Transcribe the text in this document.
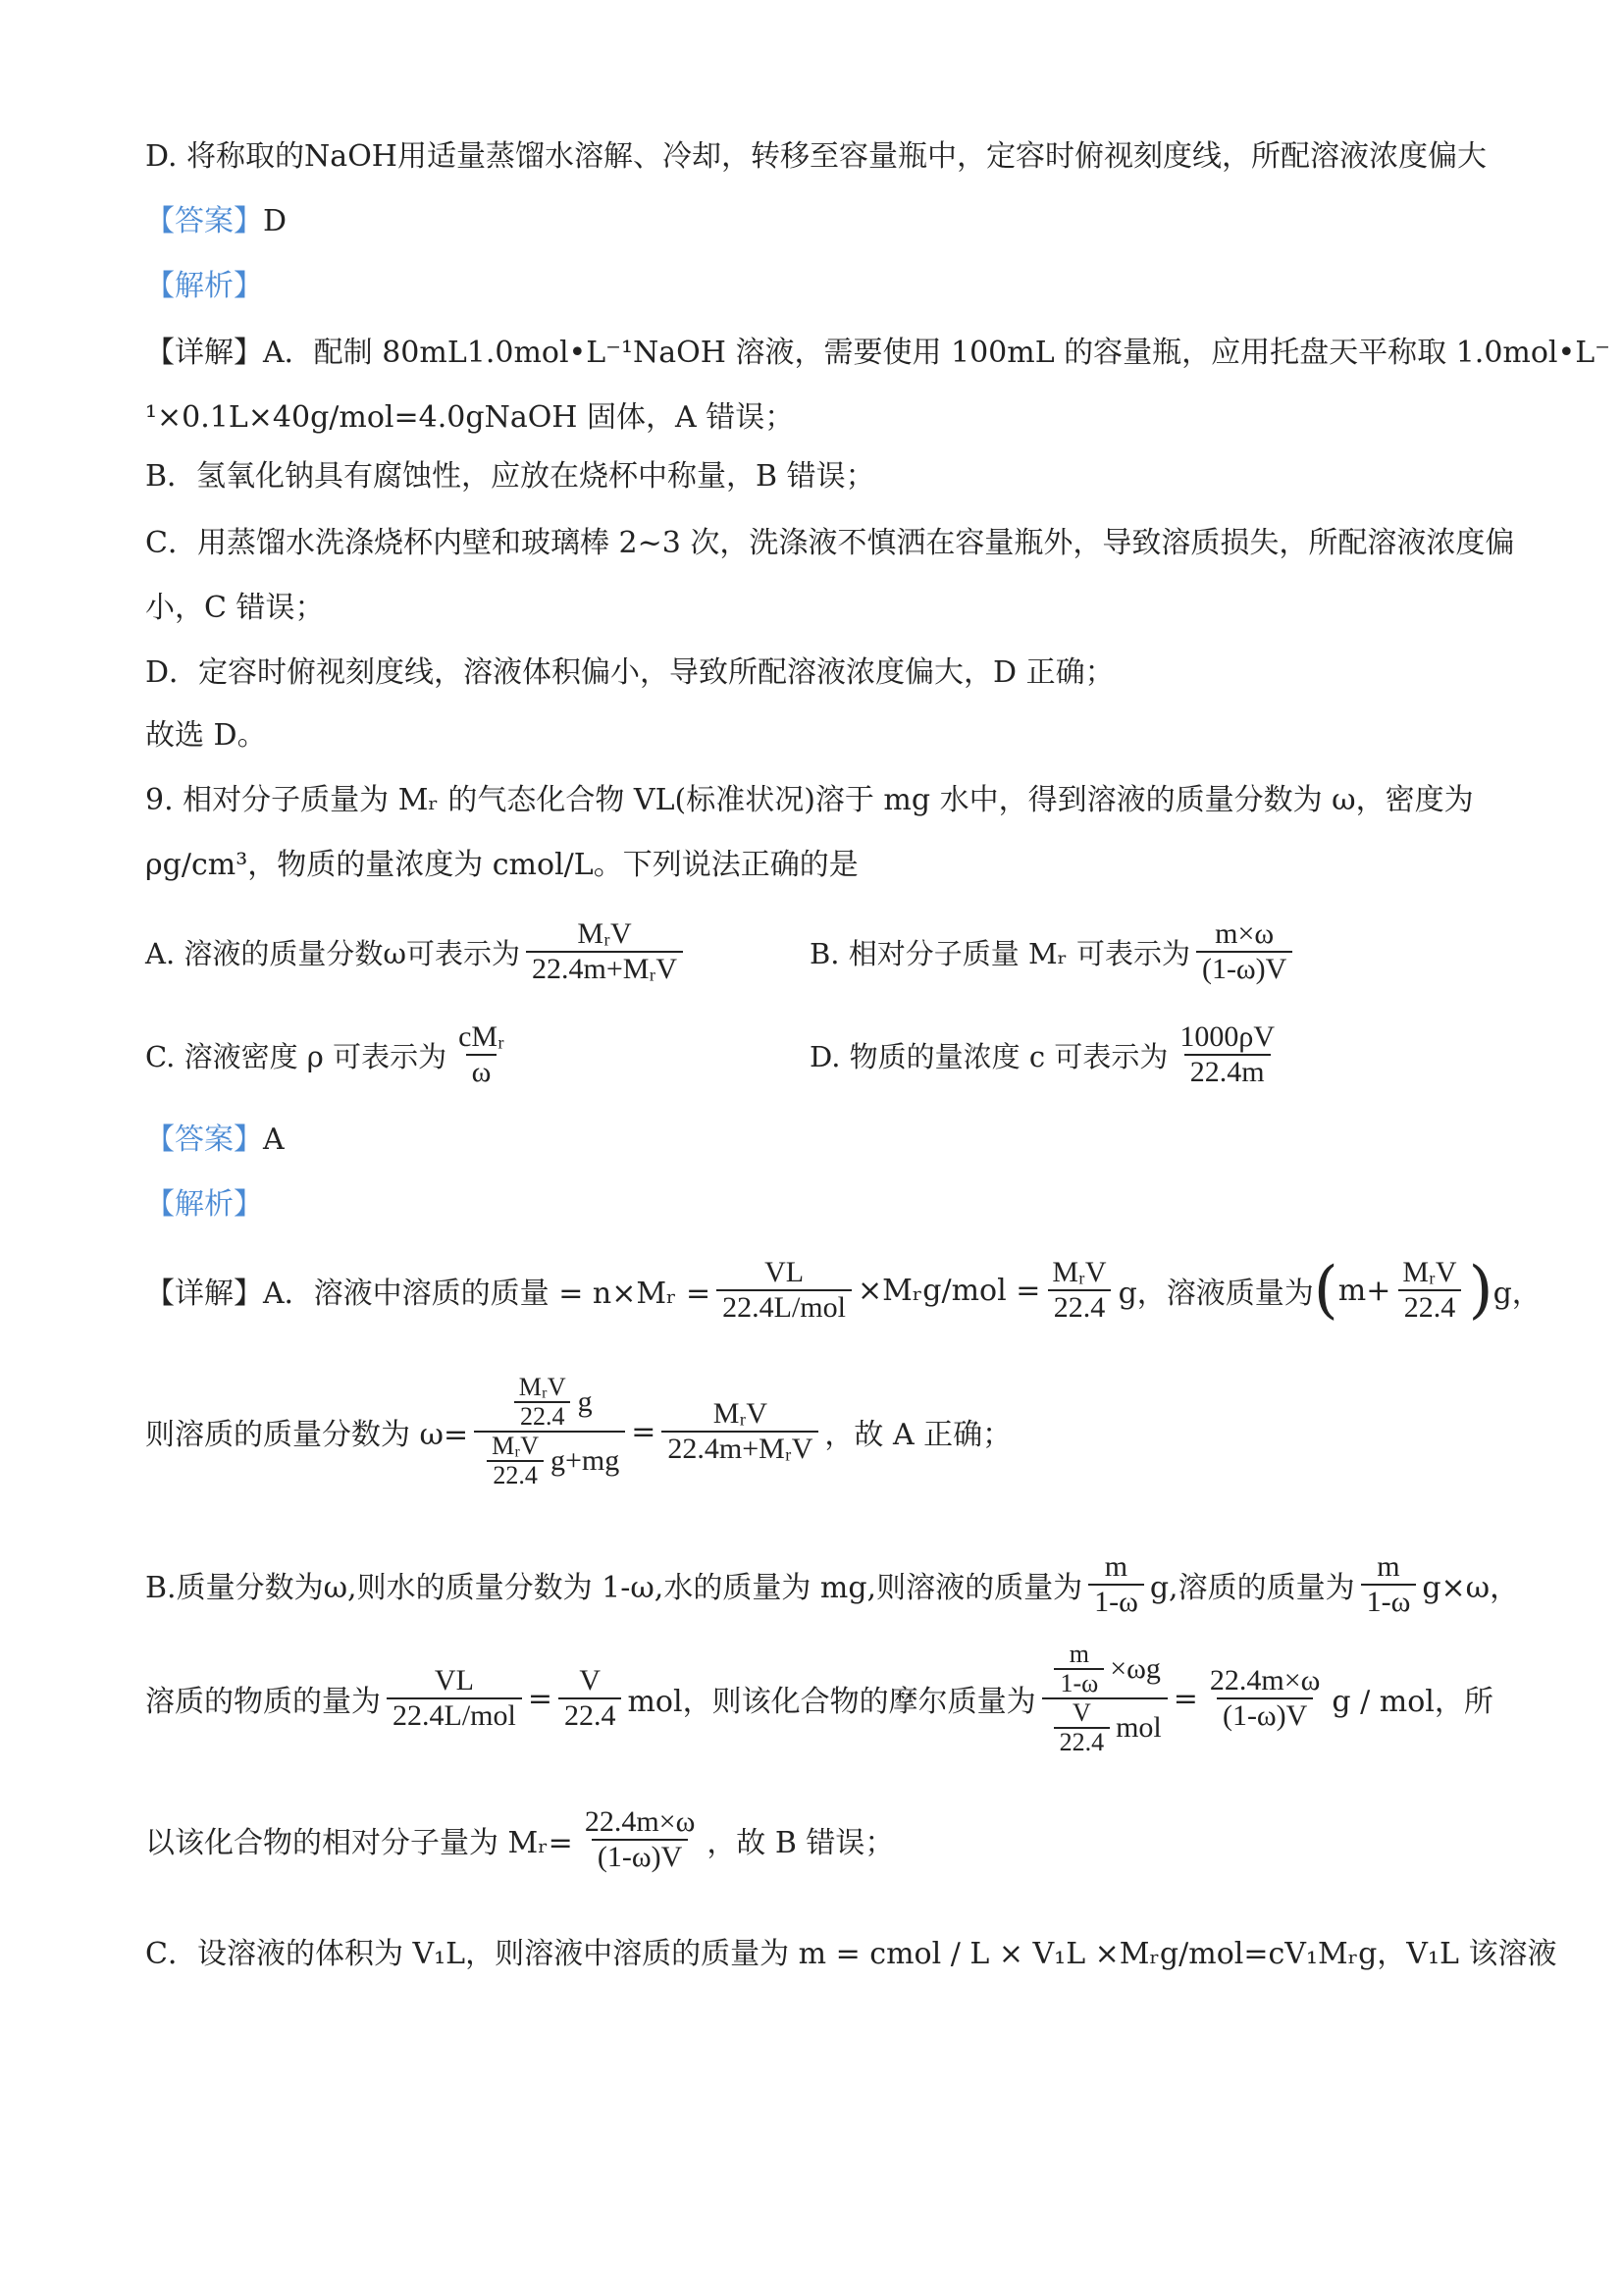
D. 将称取的NaOH用适量蒸馏水溶解、冷却，转移至容量瓶中，定容时俯视刻度线，所配溶液浓度偏大
【答案】D
【解析】
【详解】A．配制 80mL1.0mol•L⁻¹NaOH 溶液，需要使用 100mL 的容量瓶，应用托盘天平称取 1.0mol•L⁻
¹×0.1L×40g/mol=4.0gNaOH 固体，A 错误；
B．氢氧化钠具有腐蚀性，应放在烧杯中称量，B 错误；
C．用蒸馏水洗涤烧杯内壁和玻璃棒 2~3 次，洗涤液不慎洒在容量瓶外，导致溶质损失，所配溶液浓度偏
小，C 错误；
D．定容时俯视刻度线，溶液体积偏小，导致所配溶液浓度偏大，D 正确；
故选 D。
9. 相对分子质量为 Mᵣ 的气态化合物 VL(标准状况)溶于 mg 水中，得到溶液的质量分数为 ω，密度为
ρg/cm³，物质的量浓度为 cmol/L。下列说法正确的是
A. 溶液的质量分数ω可表示为 $\frac{\text{MᵣV}}{\text{22.4m+MᵣV}}$	B. 相对分子质量 Mᵣ 可表示为 $\frac{m\times\omega}{(1-\omega)V}$
C. 溶液密度 ρ 可表示为 $\frac{\text{cMᵣ}}{\omega}$	D. 物质的量浓度 c 可表示为 $\frac{1000\rho V}{22.4m}$
【答案】A
【解析】
【详解】 A．溶液中溶质的质量 = n×Mᵣ = $\frac{VL}{\text{22.4L/mol}}$ ×Mᵣg/mol = $\frac{\text{MᵣV}}{22.4}$ g，溶液质量为 ( $m+ \frac{\text{MᵣV}}{22.4}$ ) g，
则溶质的质量分数为 $\omega= \frac{\frac{\text{MᵣV}}{22.4} g}{\frac{\text{MᵣV}}{22.4} g+mg} = \frac{\text{MᵣV}}{\text{22.4m+MᵣV}}$ ，故 A 正确；
B.质量分数为ω,则水的质量分数为 1-ω,水的质量为 mg,则溶液的质量为 $\frac{m}{1-\omega} g$,溶质的质量为 $\frac{m}{1-\omega} g\times\omega$，
溶质的物质的量为 $\frac{VL}{\text{22.4L/mol}} = \frac{V}{22.4}$ mol，则该化合物的摩尔质量为 $\frac{\frac{m}{1-\omega} \times\omega g}{\frac{V}{22.4} mol} = \frac{22.4m\times\omega}{(1-\omega)V}$ g / mol，所
以该化合物的相对分子量为 Mᵣ= $\frac{22.4m\times\omega}{(1-\omega)V}$ ，故 B 错误；
C．设溶液的体积为 V₁L，则溶液中溶质的质量为 m = cmol / L × V₁L ×Mᵣg/mol=cV₁Mᵣg，V₁L 该溶液
